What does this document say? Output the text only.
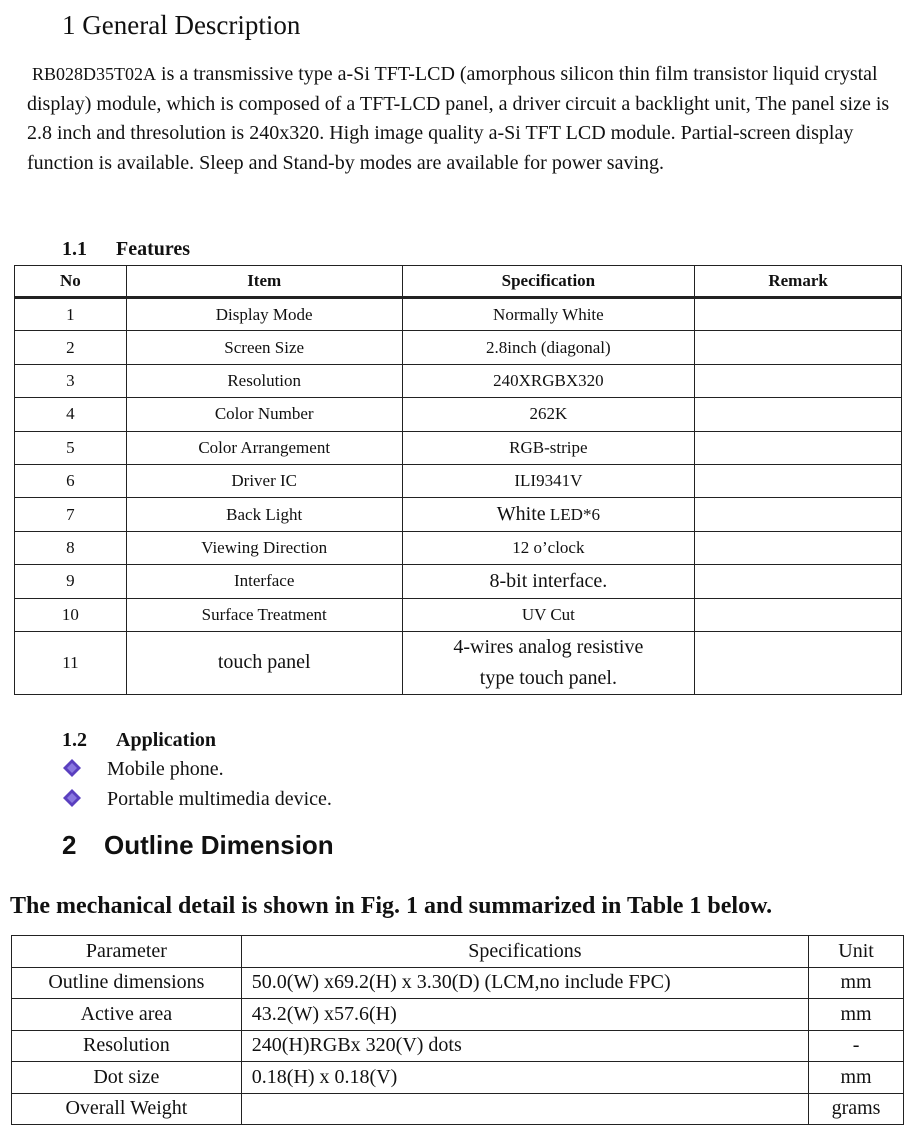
1 General Description

RB028D35T02A is a transmissive type a-Si TFT-LCD (amorphous silicon thin film transistor liquid crystal display) module, which is composed of a TFT-LCD panel, a driver circuit a backlight unit, The panel size is 2.8 inch and thresolution is 240x320. High image quality a-Si TFT LCD module. Partial-screen display function is available. Sleep and Stand-by modes are available for power saving.

1.1 Features
No	Item	Specification	Remark
1	Display Mode	Normally White	
2	Screen Size	2.8inch (diagonal)	
3	Resolution	240XRGBX320	
4	Color Number	262K	
5	Color Arrangement	RGB-stripe	
6	Driver IC	ILI9341V	
7	Back Light	White LED*6	
8	Viewing Direction	12 o’clock	
9	Interface	8-bit interface.	
10	Surface Treatment	UV Cut	
11	touch panel	4-wires analog resistive
type touch panel.	
1.2 Application

Mobile phone.

Portable multimedia device.

2 Outline Dimension

The mechanical detail is shown in Fig. 1 and summarized in Table 1 below.

Parameter	Specifications	Unit
Outline dimensions	50.0(W) x69.2(H) x 3.30(D) (LCM,no include FPC)	mm
Active area	43.2(W) x57.6(H)	mm
Resolution	240(H)RGBx 320(V) dots	-
Dot size	0.18(H) x 0.18(V)	mm
Overall Weight		grams
